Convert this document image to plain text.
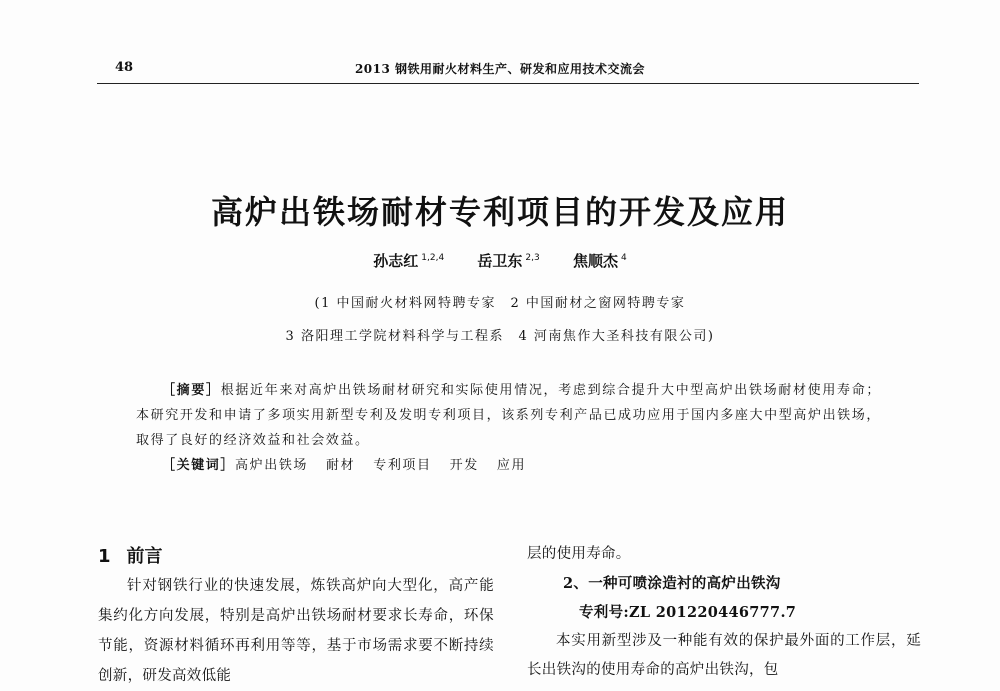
48	2013 钢铁用耐火材料生产、研发和应用技术交流会
高炉出铁场耐材专利项目的开发及应用
孙志红 $^{1,2,4}$ 岳卫东 $^{2,3}$ 焦顺杰 $^4$
(1 中国耐火材料网特聘专家　2 中国耐材之窗网特聘专家
3 洛阳理工学院材料科学与工程系　4 河南焦作大圣科技有限公司)
［摘要］根据近年来对高炉出铁场耐材研究和实际使用情况，考虑到综合提升大中型高炉出铁场耐材使用寿命；本研究开发和申请了多项实用新型专利及发明专利项目，该系列专利产品已成功应用于国内多座大中型高炉出铁场，取得了良好的经济效益和社会效益。
［关键词］高炉出铁场 耐材 专利项目 开发 应用
1 前言

针对钢铁行业的快速发展，炼铁高炉向大型化，高产能集约化方向发展，特别是高炉出铁场耐材要求长寿命，环保节能，资源材料循环再利用等等，基于市场需求要不断持续创新，研发高效低能

层的使用寿命。
2、一种可喷涂造衬的高炉出铁沟
专利号:ZL 201220446777.7
本实用新型涉及一种能有效的保护最外面的工作层，延长出铁沟的使用寿命的高炉出铁沟，包
